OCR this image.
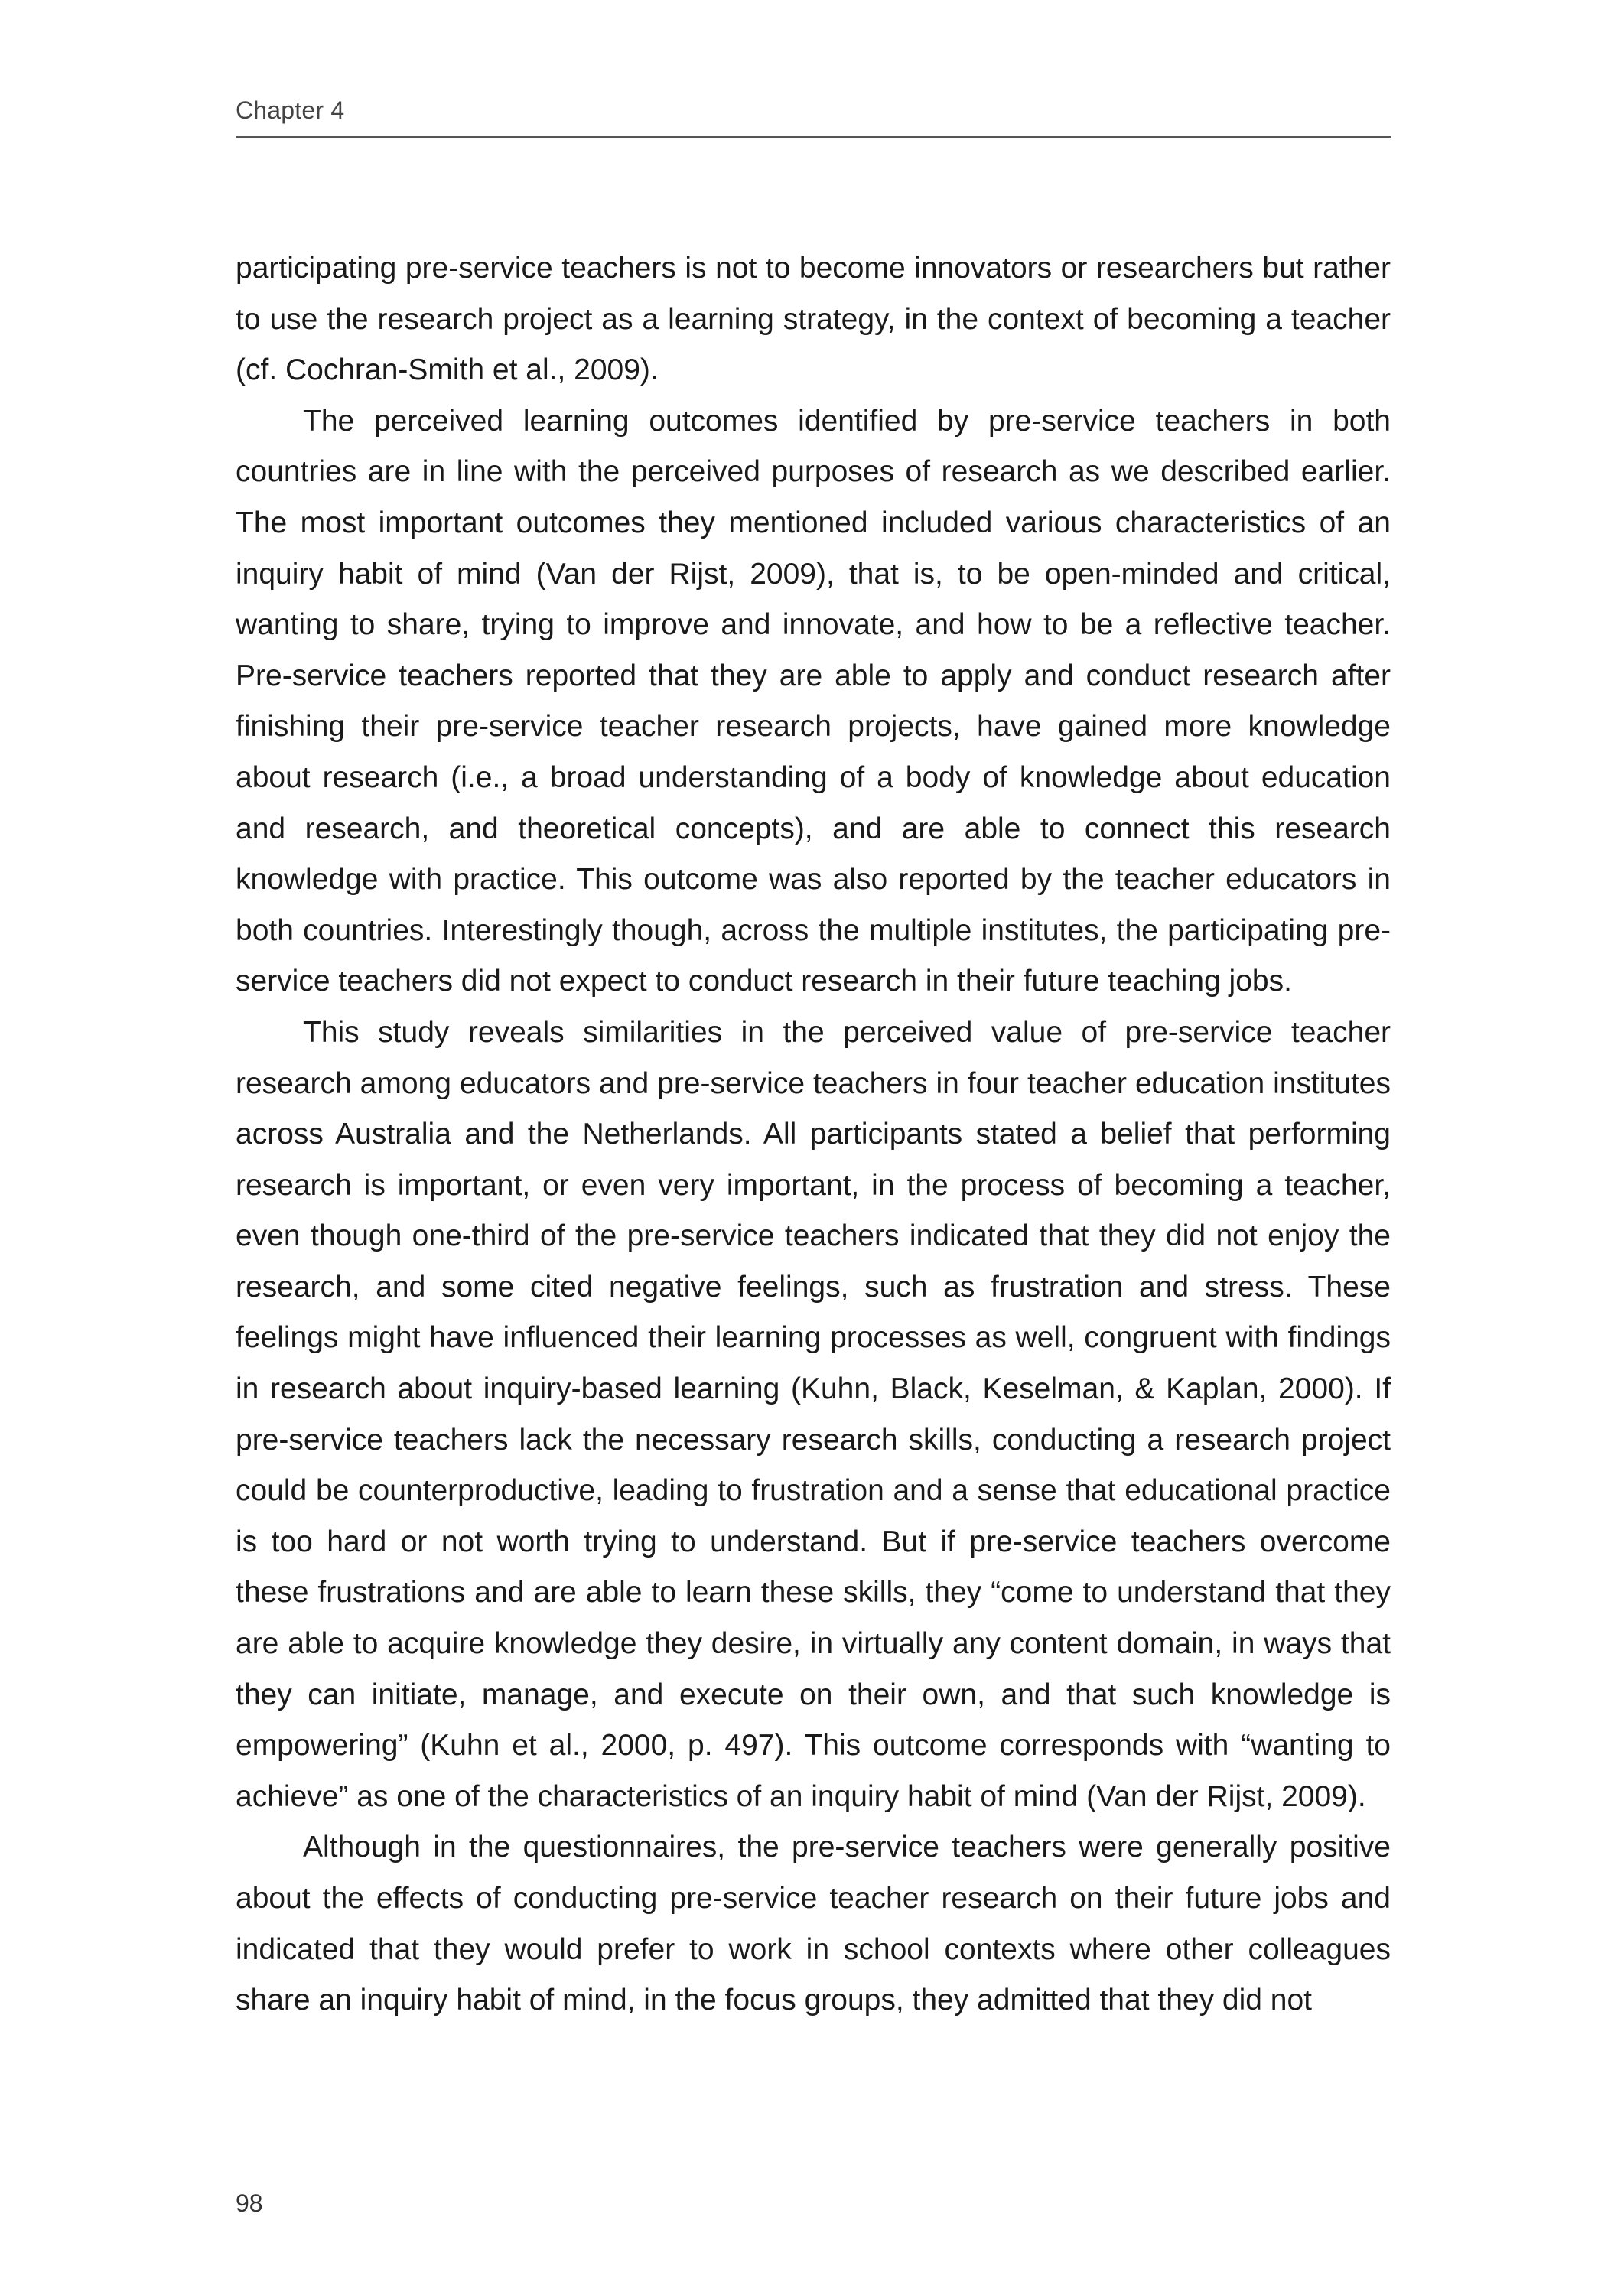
Chapter 4

participating pre-service teachers is not to become innovators or researchers but rather to use the research project as a learning strategy, in the context of becoming a teacher (cf. Cochran-Smith et al., 2009).

The perceived learning outcomes identified by pre-service teachers in both countries are in line with the perceived purposes of research as we described earlier. The most important outcomes they mentioned included various characteristics of an inquiry habit of mind (Van der Rijst, 2009), that is, to be open-minded and critical, wanting to share, trying to improve and innovate, and how to be a reflective teacher. Pre-service teachers reported that they are able to apply and conduct research after finishing their pre-service teacher research projects, have gained more knowledge about research (i.e., a broad understanding of a body of knowledge about education and research, and theoretical concepts), and are able to connect this research knowledge with practice. This outcome was also reported by the teacher educators in both countries. Interestingly though, across the multiple institutes, the participating pre-service teachers did not expect to conduct research in their future teaching jobs.

This study reveals similarities in the perceived value of pre-service teacher research among educators and pre-service teachers in four teacher education institutes across Australia and the Netherlands. All participants stated a belief that performing research is important, or even very important, in the process of becoming a teacher, even though one-third of the pre-service teachers indicated that they did not enjoy the research, and some cited negative feelings, such as frustration and stress. These feelings might have influenced their learning processes as well, congruent with findings in research about inquiry-based learning (Kuhn, Black, Keselman, & Kaplan, 2000). If pre-service teachers lack the necessary research skills, conducting a research project could be counterproductive, leading to frustration and a sense that educational practice is too hard or not worth trying to understand. But if pre-service teachers overcome these frustrations and are able to learn these skills, they “come to understand that they are able to acquire knowledge they desire, in virtually any content domain, in ways that they can initiate, manage, and execute on their own, and that such knowledge is empowering” (Kuhn et al., 2000, p. 497). This outcome corresponds with “wanting to achieve” as one of the characteristics of an inquiry habit of mind (Van der Rijst, 2009).

Although in the questionnaires, the pre-service teachers were generally positive about the effects of conducting pre-service teacher research on their future jobs and indicated that they would prefer to work in school contexts where other colleagues share an inquiry habit of mind, in the focus groups, they admitted that they did not

98
